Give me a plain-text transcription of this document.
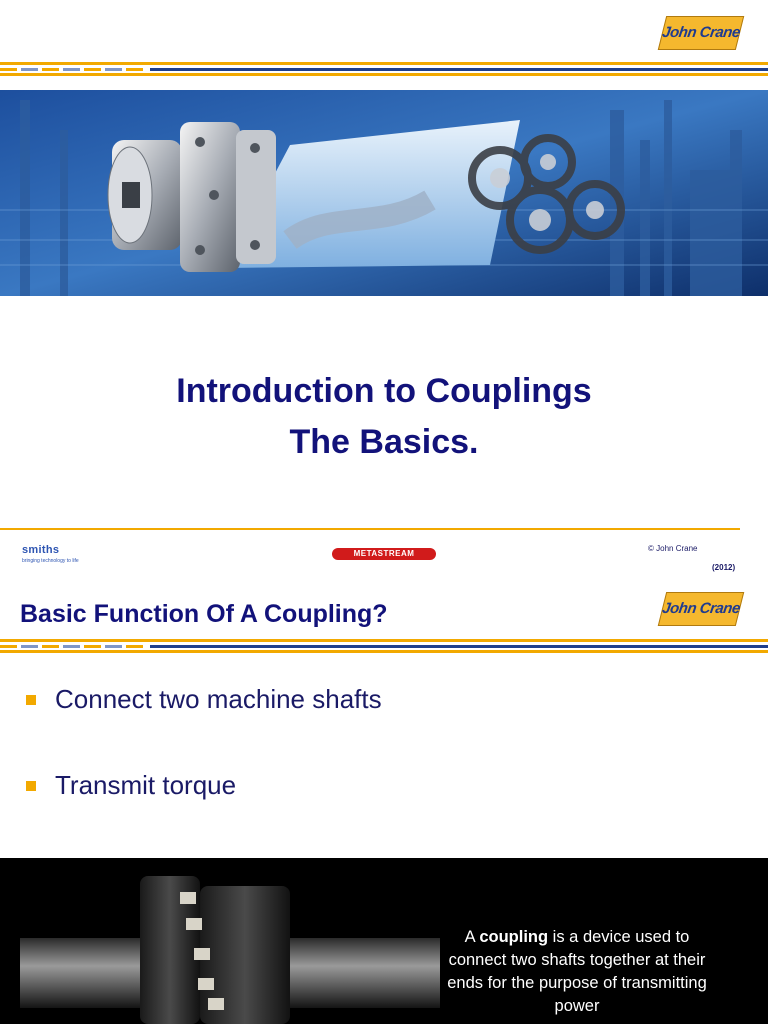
John Crane
Introduction to Couplings
The Basics.
smiths
bringing technology to life
METASTREAM
© John Crane
(2012)
Basic Function Of A Coupling?	John Crane
Connect two machine shafts
Transmit torque
A coupling is a device used to connect two shafts together at their ends for the purpose of transmitting power
